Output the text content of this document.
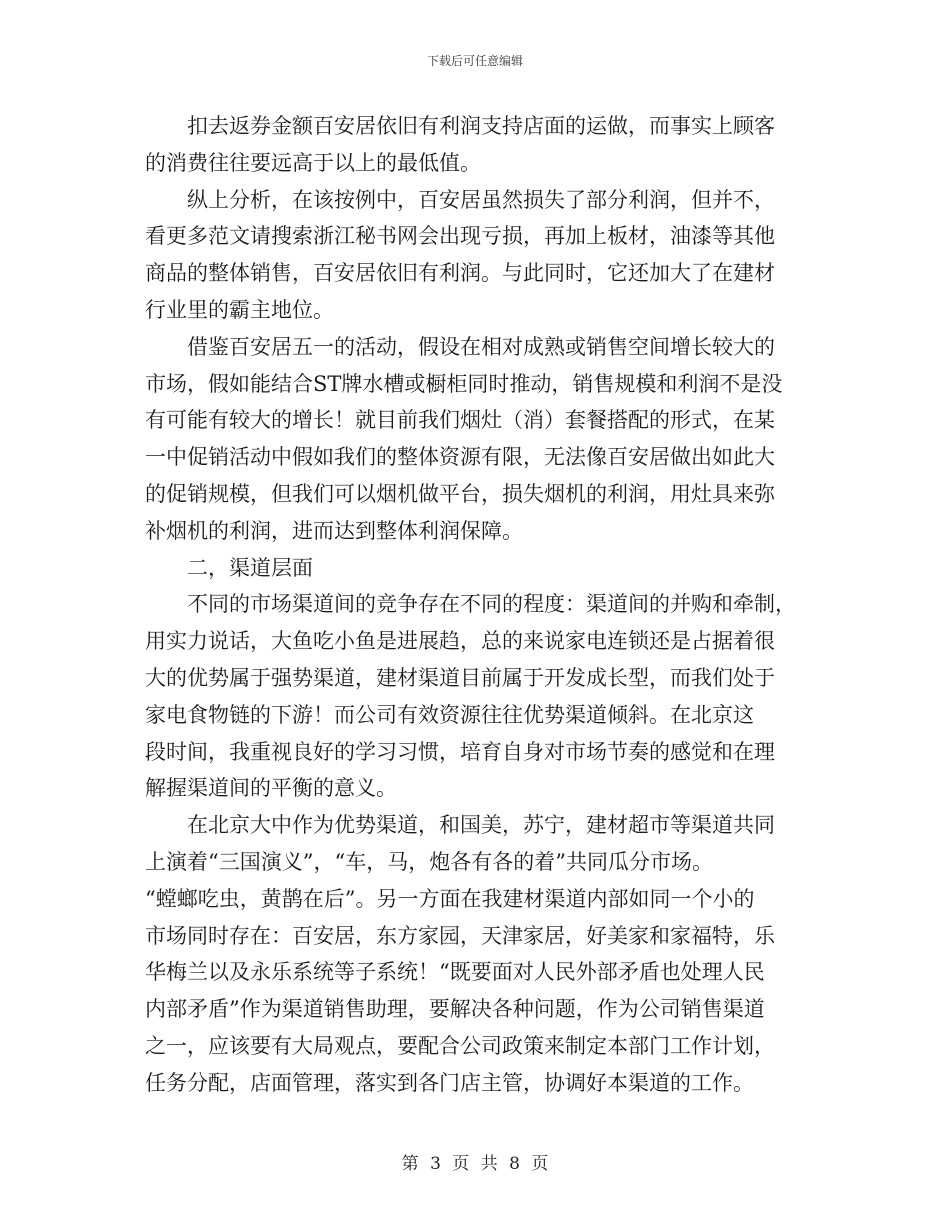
下载后可任意编辑
扣去返券金额百安居依旧有利润支持店面的运做，而事实上顾客
的消费往往要远高于以上的最低值。
纵上分析，在该按例中，百安居虽然损失了部分利润，但并不，
看更多范文请搜索浙江秘书网会出现亏损，再加上板材，油漆等其他
商品的整体销售，百安居依旧有利润。与此同时，它还加大了在建材
行业里的霸主地位。
借鉴百安居五一的活动，假设在相对成熟或销售空间增长较大的
市场，假如能结合ST牌水槽或橱柜同时推动，销售规模和利润不是没
有可能有较大的增长！就目前我们烟灶（消）套餐搭配的形式，在某
一中促销活动中假如我们的整体资源有限，无法像百安居做出如此大
的促销规模，但我们可以烟机做平台，损失烟机的利润，用灶具来弥
补烟机的利润，进而达到整体利润保障。
二，渠道层面
不同的市场渠道间的竞争存在不同的程度：渠道间的并购和牵制，
用实力说话，大鱼吃小鱼是进展趋，总的来说家电连锁还是占据着很
大的优势属于强势渠道，建材渠道目前属于开发成长型，而我们处于
家电食物链的下游！而公司有效资源往往优势渠道倾斜。在北京这
段时间，我重视良好的学习习惯，培育自身对市场节奏的感觉和在理
解握渠道间的平衡的意义。
在北京大中作为优势渠道，和国美，苏宁，建材超市等渠道共同
上演着“三国演义”，“车，马，炮各有各的着”共同瓜分市场。
“螳螂吃虫，黄鹊在后”。另一方面在我建材渠道内部如同一个小的
市场同时存在：百安居，东方家园，天津家居，好美家和家福特，乐
华梅兰以及永乐系统等子系统！“既要面对人民外部矛盾也处理人民
内部矛盾”作为渠道销售助理，要解决各种问题，作为公司销售渠道
之一，应该要有大局观点，要配合公司政策来制定本部门工作计划，
任务分配，店面管理，落实到各门店主管，协调好本渠道的工作。
第 3 页 共 8 页
